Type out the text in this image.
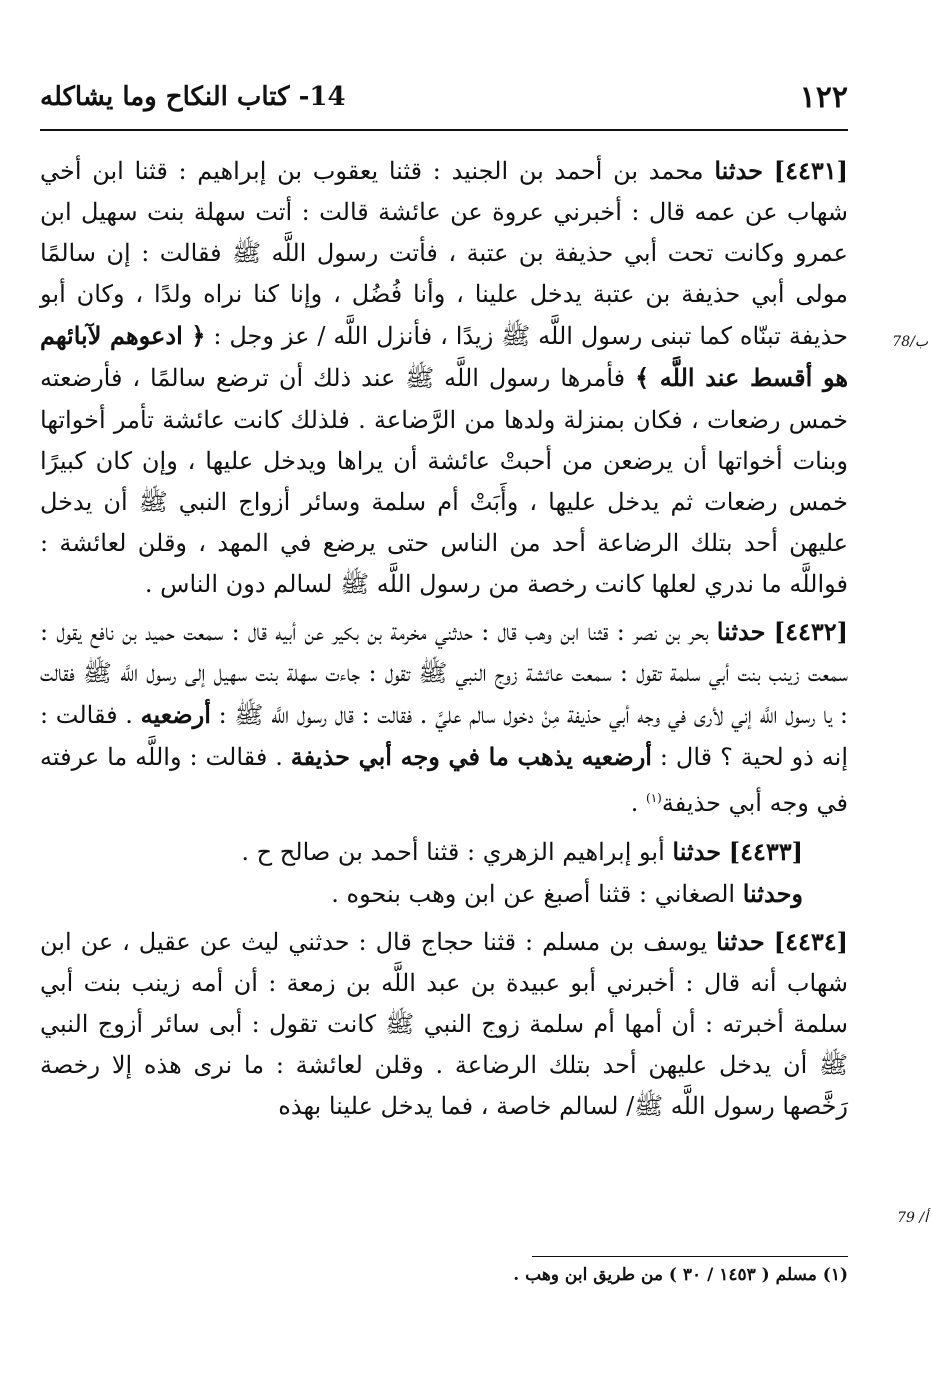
١٢٢
14- كتاب النكاح وما يشاكله
78/ب
79 /أ

[٤٤٣١] حدثنا محمد بن أحمد بن الجنيد : قثنا يعقوب بن إبراهيم : قثنا ابن أخي شهاب عن عمه قال : أخبرني عروة عن عائشة قالت : أتت سهلة بنت سهيل ابن عمرو وكانت تحت أبي حذيفة بن عتبة ، فأتت رسول اللَّه ﷺ فقالت : إن سالمًا مولى أبي حذيفة بن عتبة يدخل علينا ، وأنا فُضُل ، وإنا كنا نراه ولدًا ، وكان أبو حذيفة تبنّاه كما تبنى رسول اللَّه ﷺ زيدًا ، فأنزل اللَّه / عز وجل : ﴿ ادعوهم لآبائهم هو أقسط عند اللَّه ﴾ فأمرها رسول اللَّه ﷺ عند ذلك أن ترضع سالمًا ، فأرضعته خمس رضعات ، فكان بمنزلة ولدها من الرَّضاعة . فلذلك كانت عائشة تأمر أخواتها وبنات أخواتها أن يرضعن من أحبتْ عائشة أن يراها ويدخل عليها ، وإن كان كبيرًا خمس رضعات ثم يدخل عليها ، وأَبَتْ أم سلمة وسائر أزواج النبي ﷺ أن يدخل عليهن أحد بتلك الرضاعة أحد من الناس حتى يرضع في المهد ، وقلن لعائشة : فواللَّه ما ندري لعلها كانت رخصة من رسول اللَّه ﷺ لسالم دون الناس .

[٤٤٣٢] حدثنا بحر بن نصر : قثنا ابن وهب قال : حدثني مخرمة بن بكير عن أبيه قال : سمعت حميد بن نافع يقول : سمعت زينب بنت أبي سلمة تقول : سمعت عائشة زوج النبي ﷺ تقول : جاءت سهلة بنت سهيل إلى رسول اللَّه ﷺ فقالت : يا رسول اللَّه إني لأرى في وجه أبي حذيفة مِنْ دخول سالم عليَّ . فقالت : قال رسول اللَّه ﷺ : أرضعيه . فقالت : إنه ذو لحية ؟ قال : أرضعيه يذهب ما في وجه أبي حذيفة . فقالت : واللَّه ما عرفته في وجه أبي حذيفة$^{(١)}$ .

[٤٤٣٣] حدثنا أبو إبراهيم الزهري : قثنا أحمد بن صالح ح .

وحدثنا الصغاني : قثنا أصبغ عن ابن وهب بنحوه .

[٤٤٣٤] حدثنا يوسف بن مسلم : قثنا حجاج قال : حدثني ليث عن عقيل ، عن ابن شهاب أنه قال : أخبرني أبو عبيدة بن عبد اللَّه بن زمعة : أن أمه زينب بنت أبي سلمة أخبرته : أن أمها أم سلمة زوج النبي ﷺ كانت تقول : أبى سائر أزوج النبي ﷺ أن يدخل عليهن أحد بتلك الرضاعة . وقلن لعائشة : ما نرى هذه إلا رخصة رَخَّصها رسول اللَّه ﷺ/ لسالم خاصة ، فما يدخل علينا بهذه

(١) مسلم ( ١٤٥٣ / ٣٠ ) من طريق ابن وهب .
